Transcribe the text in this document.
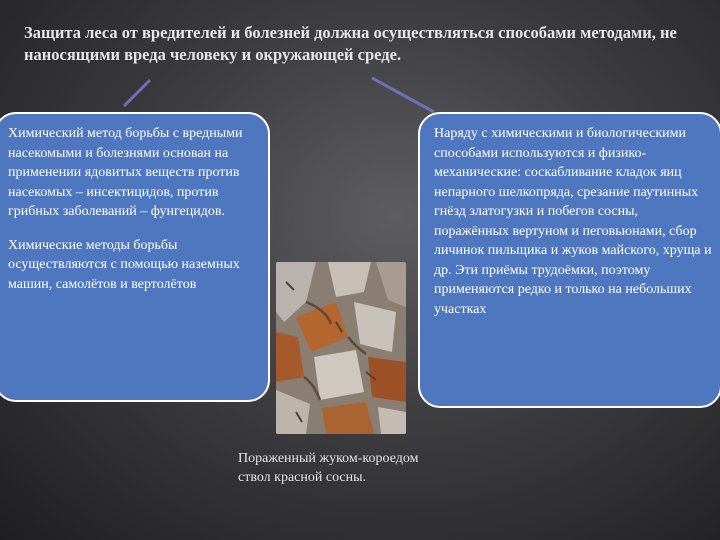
Защита леса от вредителей и болезней должна осуществляться способами методами, не наносящими вреда человеку и окружающей среде.

Химический метод борьбы с вредными насекомыми и болезнями основан на применении ядовитых веществ против насекомых – инсектицидов, против грибных заболеваний – фунгецидов.

Химические методы борьбы осуществляются с помощью наземных машин, самолётов и вертолётов

Наряду с химическими и биологическими способами используются и физико-механические: соскабливание кладок яиц непарного шелкопряда, срезание паутинных гнёзд златогузки и побегов сосны, поражённых вертуном и пеговьюнами, сбор личинок пильщика и жуков майского, хруща и др. Эти приёмы трудоёмки, поэтому применяются редко и только на небольших участках

Пораженный жуком-короедом ствол красной сосны.
